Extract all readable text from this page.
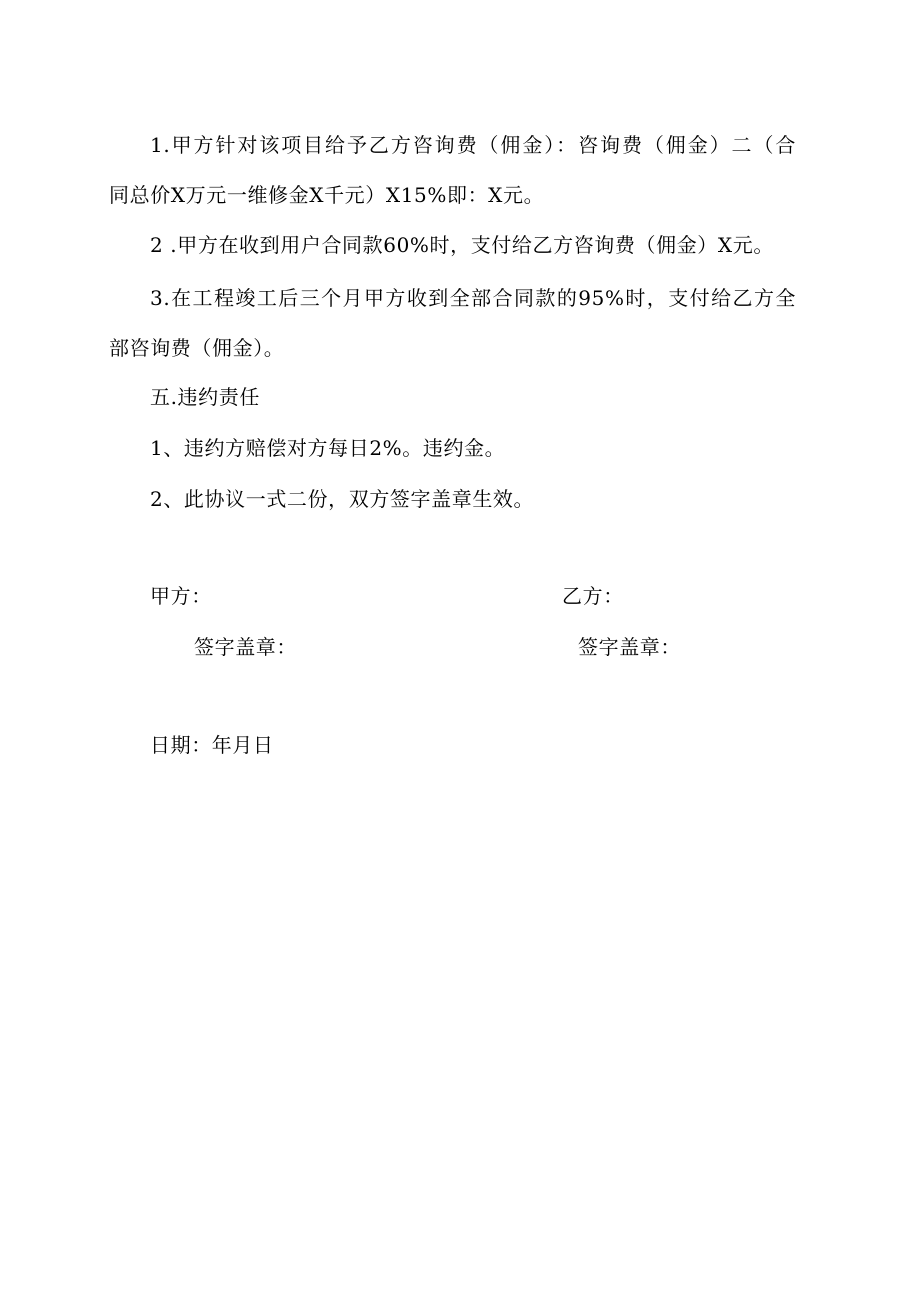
1.甲方针对该项目给予乙方咨询费（佣金）：咨询费（佣金）二（合
同总价X万元一维修金X千元）X15%即：X元。
2 .甲方在收到用户合同款60%时，支付给乙方咨询费（佣金）X元。
3.在工程竣工后三个月甲方收到全部合同款的95%时，支付给乙方全
部咨询费（佣金）。
五.违约责任
1、违约方赔偿对方每日2%。违约金。
2、此协议一式二份，双方签字盖章生效。
甲方：	乙方：
签字盖章：	签字盖章：
日期：年月日
